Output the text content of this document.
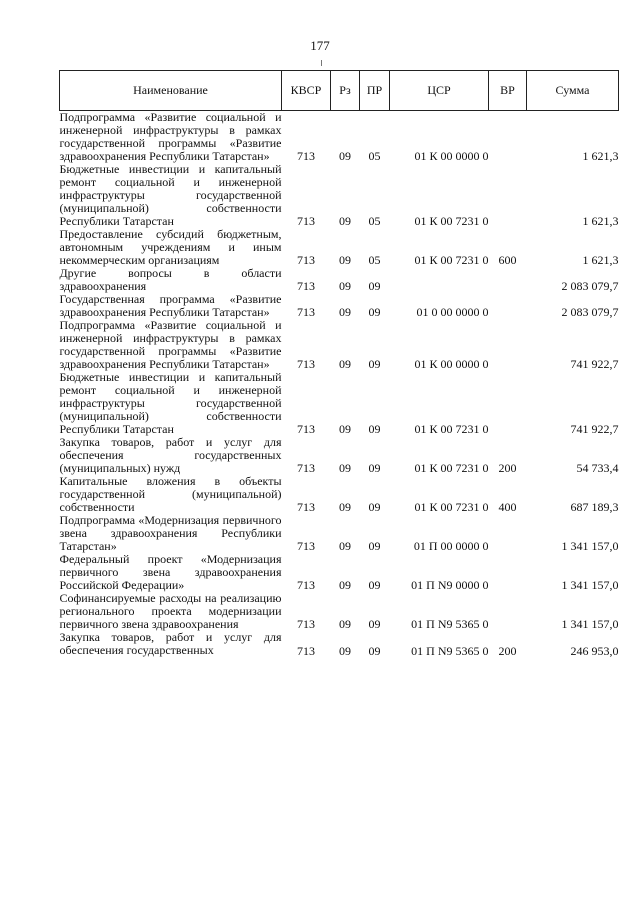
177
Наименование	КВСР	Рз	ПР	ЦСР	ВР	Сумма
Подпрограмма «Развитие социальной и инженерной инфраструктуры в рамках государственной программы «Развитие здравоохранения Республики Татарстан»	713	09	05	01 К 00 0000 0		1 621,3
Бюджетные инвестиции и капитальный ремонт социальной и инженерной инфраструктуры государственной (муниципальной) собственности Республики Татарстан	713	09	05	01 К 00 7231 0		1 621,3
Предоставление субсидий бюджетным, автономным учреждениям и иным некоммерческим организациям	713	09	05	01 К 00 7231 0	600	1 621,3
Другие вопросы в области здравоохранения	713	09	09			2 083 079,7
Государственная программа «Развитие здравоохранения Республики Татарстан»	713	09	09	01 0 00 0000 0		2 083 079,7
Подпрограмма «Развитие социальной и инженерной инфраструктуры в рамках государственной программы «Развитие здравоохранения Республики Татарстан»	713	09	09	01 К 00 0000 0		741 922,7
Бюджетные инвестиции и капитальный ремонт социальной и инженерной инфраструктуры государственной (муниципальной) собственности Республики Татарстан	713	09	09	01 К 00 7231 0		741 922,7
Закупка товаров, работ и услуг для обеспечения государственных (муниципальных) нужд	713	09	09	01 К 00 7231 0	200	54 733,4
Капитальные вложения в объекты государственной (муниципальной) собственности	713	09	09	01 К 00 7231 0	400	687 189,3
Подпрограмма «Модернизация первичного звена здравоохранения Республики Татарстан»	713	09	09	01 П 00 0000 0		1 341 157,0
Федеральный проект «Модернизация первичного звена здравоохранения Российской Федерации»	713	09	09	01 П N9 0000 0		1 341 157,0
Софинансируемые расходы на реализацию регионального проекта модернизации первичного звена здравоохранения	713	09	09	01 П N9 5365 0		1 341 157,0
Закупка товаров, работ и услуг для обеспечения государственных	713	09	09	01 П N9 5365 0	200	246 953,0
